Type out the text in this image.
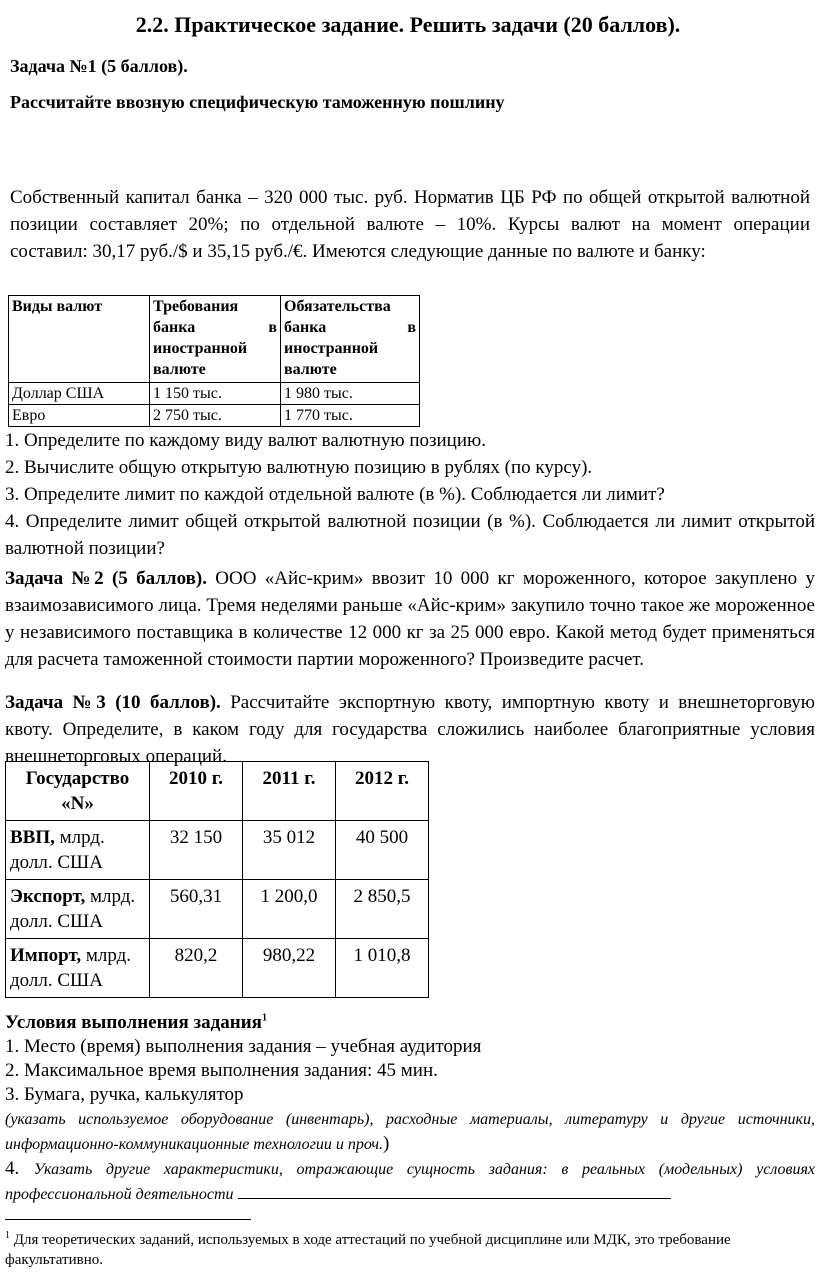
2.2. Практическое задание. Решить задачи (20 баллов).
Задача №1 (5 баллов).
Рассчитайте ввозную специфическую таможенную пошлину
Собственный капитал банка – 320 000 тыс. руб. Норматив ЦБ РФ по общей открытой валютной позиции составляет 20%; по отдельной валюте – 10%. Курсы валют на момент операции составил: 30,17 руб./$ и 35,15 руб./€. Имеются следующие данные по валюте и банку:
Виды валют	Требования банка в иностранной валюте	Обязательства банка в иностранной валюте
Доллар США	1 150 тыс.	1 980 тыс.
Евро	2 750 тыс.	1 770 тыс.
1. Определите по каждому виду валют валютную позицию.
2. Вычислите общую открытую валютную позицию в рублях (по курсу).
3. Определите лимит по каждой отдельной валюте (в %). Соблюдается ли лимит?
4. Определите лимит общей открытой валютной позиции (в %). Соблюдается ли лимит открытой валютной позиции?
Задача №2 (5 баллов). ООО «Айс-крим» ввозит 10 000 кг мороженного, которое закуплено у взаимозависимого лица. Тремя неделями раньше «Айс-крим» закупило точно такое же мороженное у независимого поставщика в количестве 12 000 кг за 25 000 евро. Какой метод будет применяться для расчета таможенной стоимости партии мороженного? Произведите расчет.
Задача №3 (10 баллов). Рассчитайте экспортную квоту, импортную квоту и внешнеторговую квоту. Определите, в каком году для государства сложились наиболее благоприятные условия внешнеторговых операций.
Государство «N»	2010 г.	2011 г.	2012 г.
ВВП, млрд. долл. США	32 150	35 012	40 500
Экспорт, млрд. долл. США	560,31	1 200,0	2 850,5
Импорт, млрд. долл. США	820,2	980,22	1 010,8
Условия выполнения задания$^1$
1. Место (время) выполнения задания – учебная аудитория
2. Максимальное время выполнения задания: 45 мин.
3. Бумага, ручка, калькулятор
(указать используемое оборудование (инвентарь), расходные материалы, литературу и другие источники, информационно-коммуникационные технологии и проч.)
4. Указать другие характеристики, отражающие сущность задания: в реальных (модельных) условиях профессиональной деятельности
$^1$ Для теоретических заданий, используемых в ходе аттестаций по учебной дисциплине или МДК, это требование факультативно.
